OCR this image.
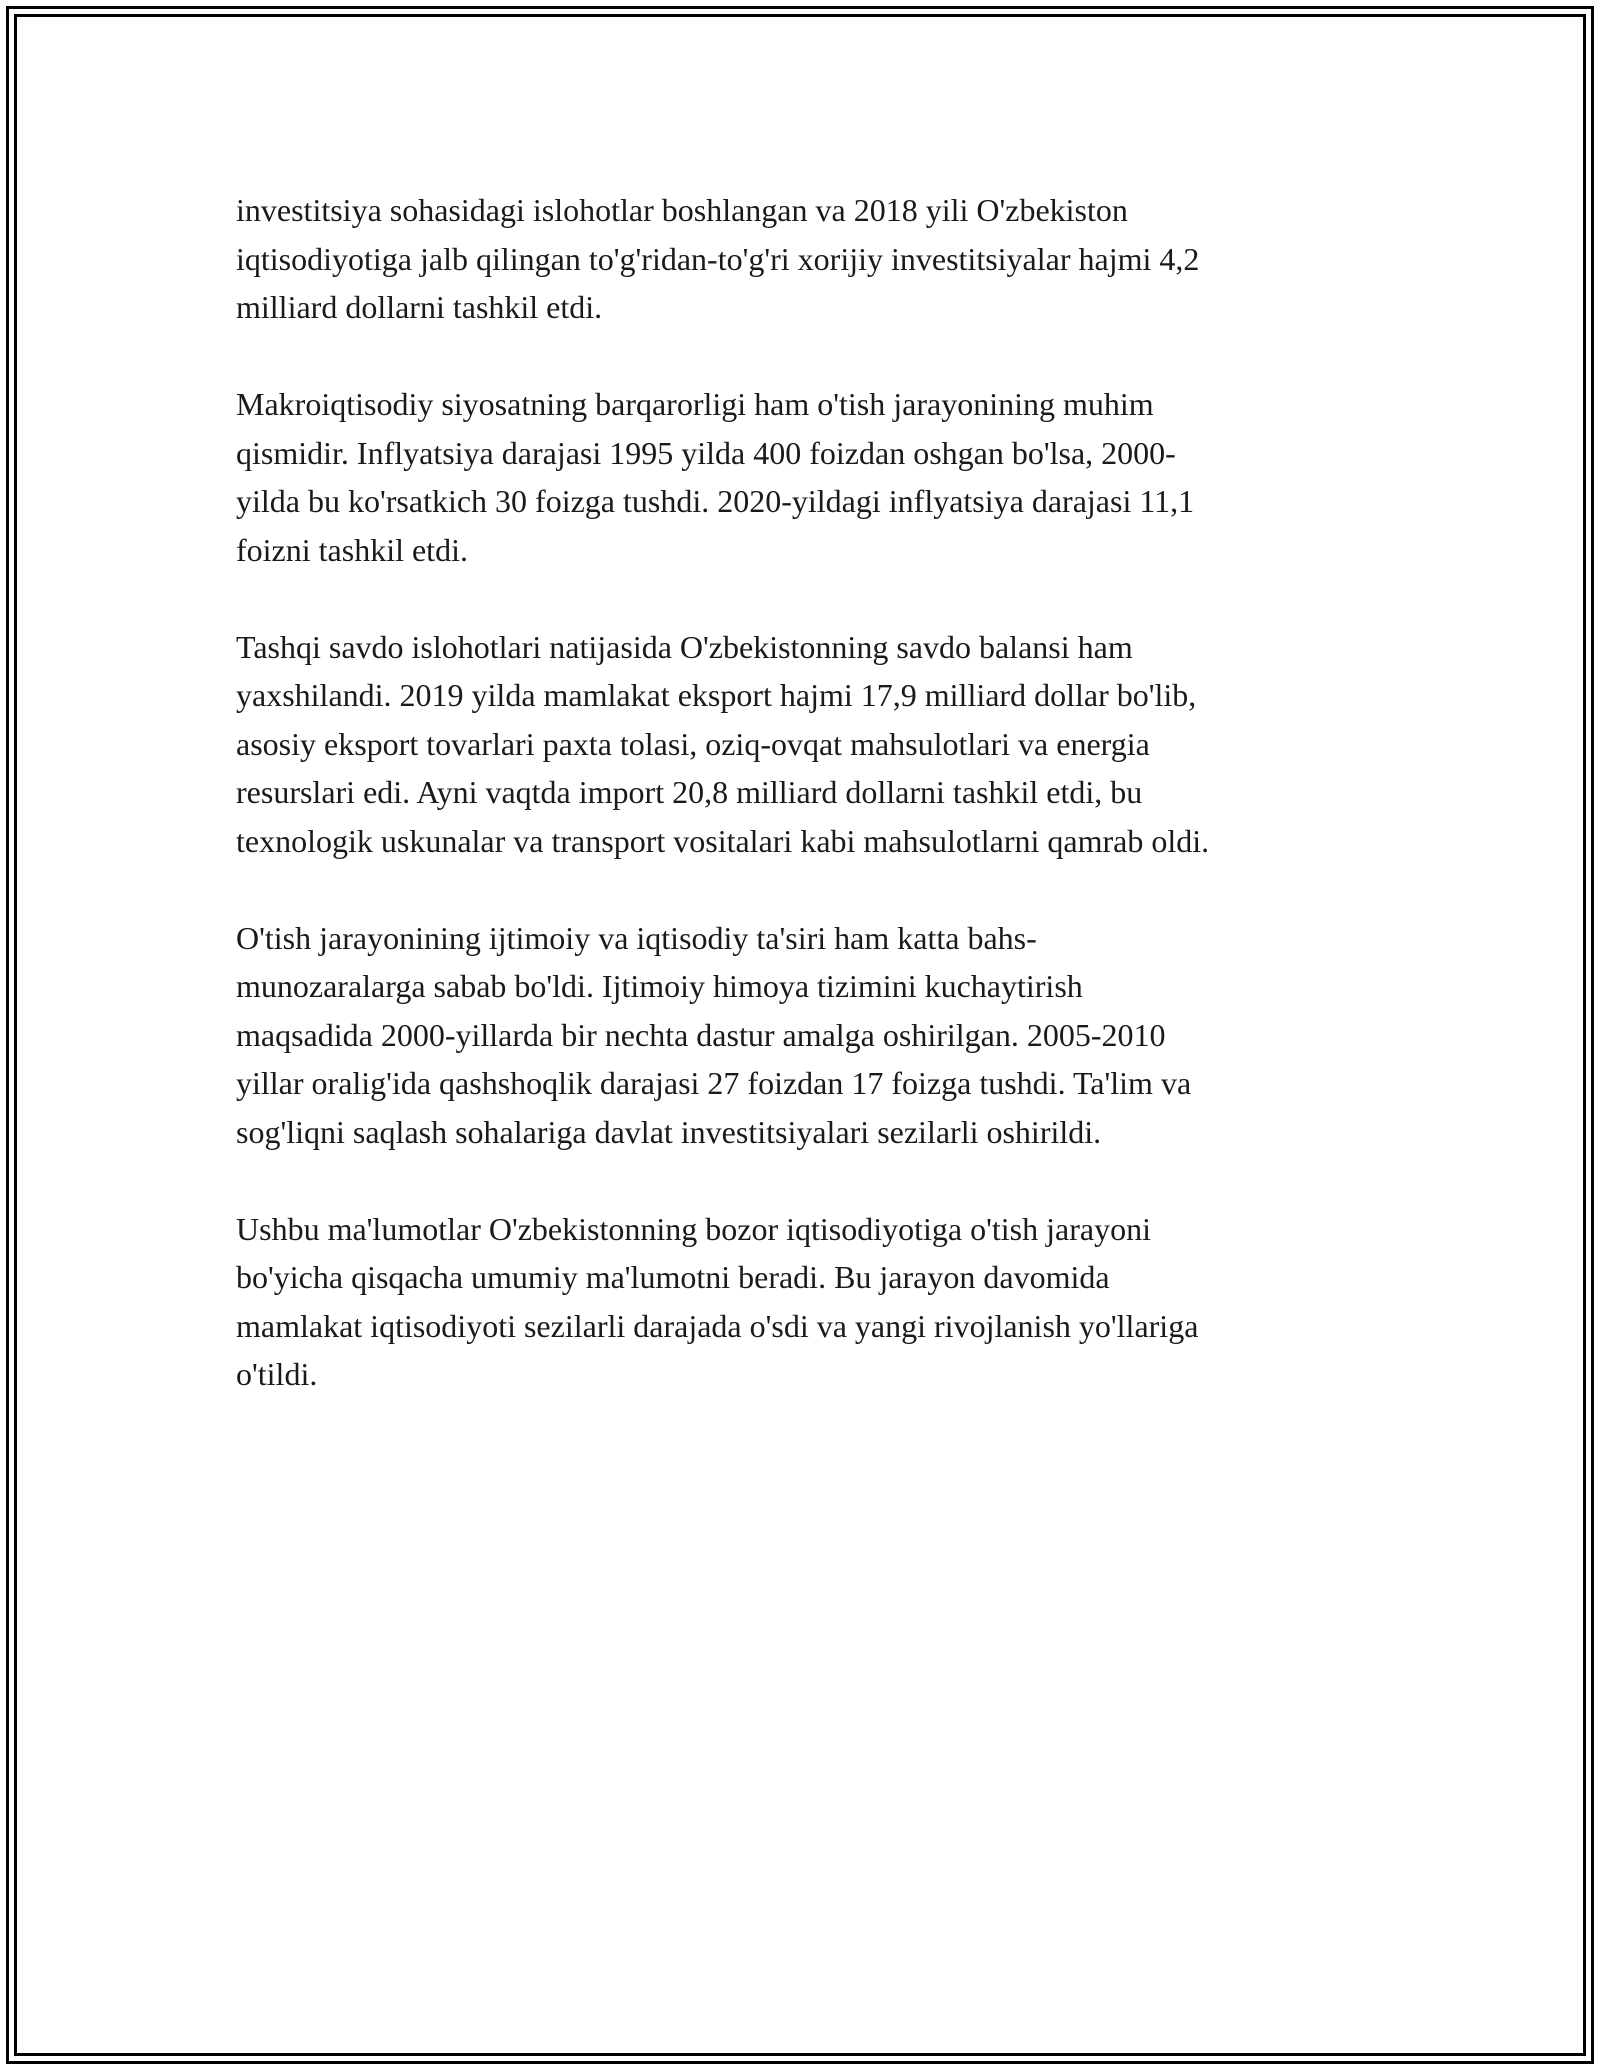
investitsiya sohasidagi islohotlar boshlangan va 2018 yili O'zbekiston
iqtisodiyotiga jalb qilingan to'g'ridan-to'g'ri xorijiy investitsiyalar hajmi 4,2
milliard dollarni tashkil etdi.

Makroiqtisodiy siyosatning barqarorligi ham o'tish jarayonining muhim
qismidir. Inflyatsiya darajasi 1995 yilda 400 foizdan oshgan bo'lsa, 2000-
yilda bu ko'rsatkich 30 foizga tushdi. 2020-yildagi inflyatsiya darajasi 11,1
foizni tashkil etdi.

Tashqi savdo islohotlari natijasida O'zbekistonning savdo balansi ham
yaxshilandi. 2019 yilda mamlakat eksport hajmi 17,9 milliard dollar bo'lib,
asosiy eksport tovarlari paxta tolasi, oziq-ovqat mahsulotlari va energia
resurslari edi. Ayni vaqtda import 20,8 milliard dollarni tashkil etdi, bu
texnologik uskunalar va transport vositalari kabi mahsulotlarni qamrab oldi.

O'tish jarayonining ijtimoiy va iqtisodiy ta'siri ham katta bahs-
munozaralarga sabab bo'ldi. Ijtimoiy himoya tizimini kuchaytirish
maqsadida 2000-yillarda bir nechta dastur amalga oshirilgan. 2005-2010
yillar oralig'ida qashshoqlik darajasi 27 foizdan 17 foizga tushdi. Ta'lim va
sog'liqni saqlash sohalariga davlat investitsiyalari sezilarli oshirildi.

Ushbu ma'lumotlar O'zbekistonning bozor iqtisodiyotiga o'tish jarayoni
bo'yicha qisqacha umumiy ma'lumotni beradi. Bu jarayon davomida
mamlakat iqtisodiyoti sezilarli darajada o'sdi va yangi rivojlanish yo'llariga
o'tildi.
